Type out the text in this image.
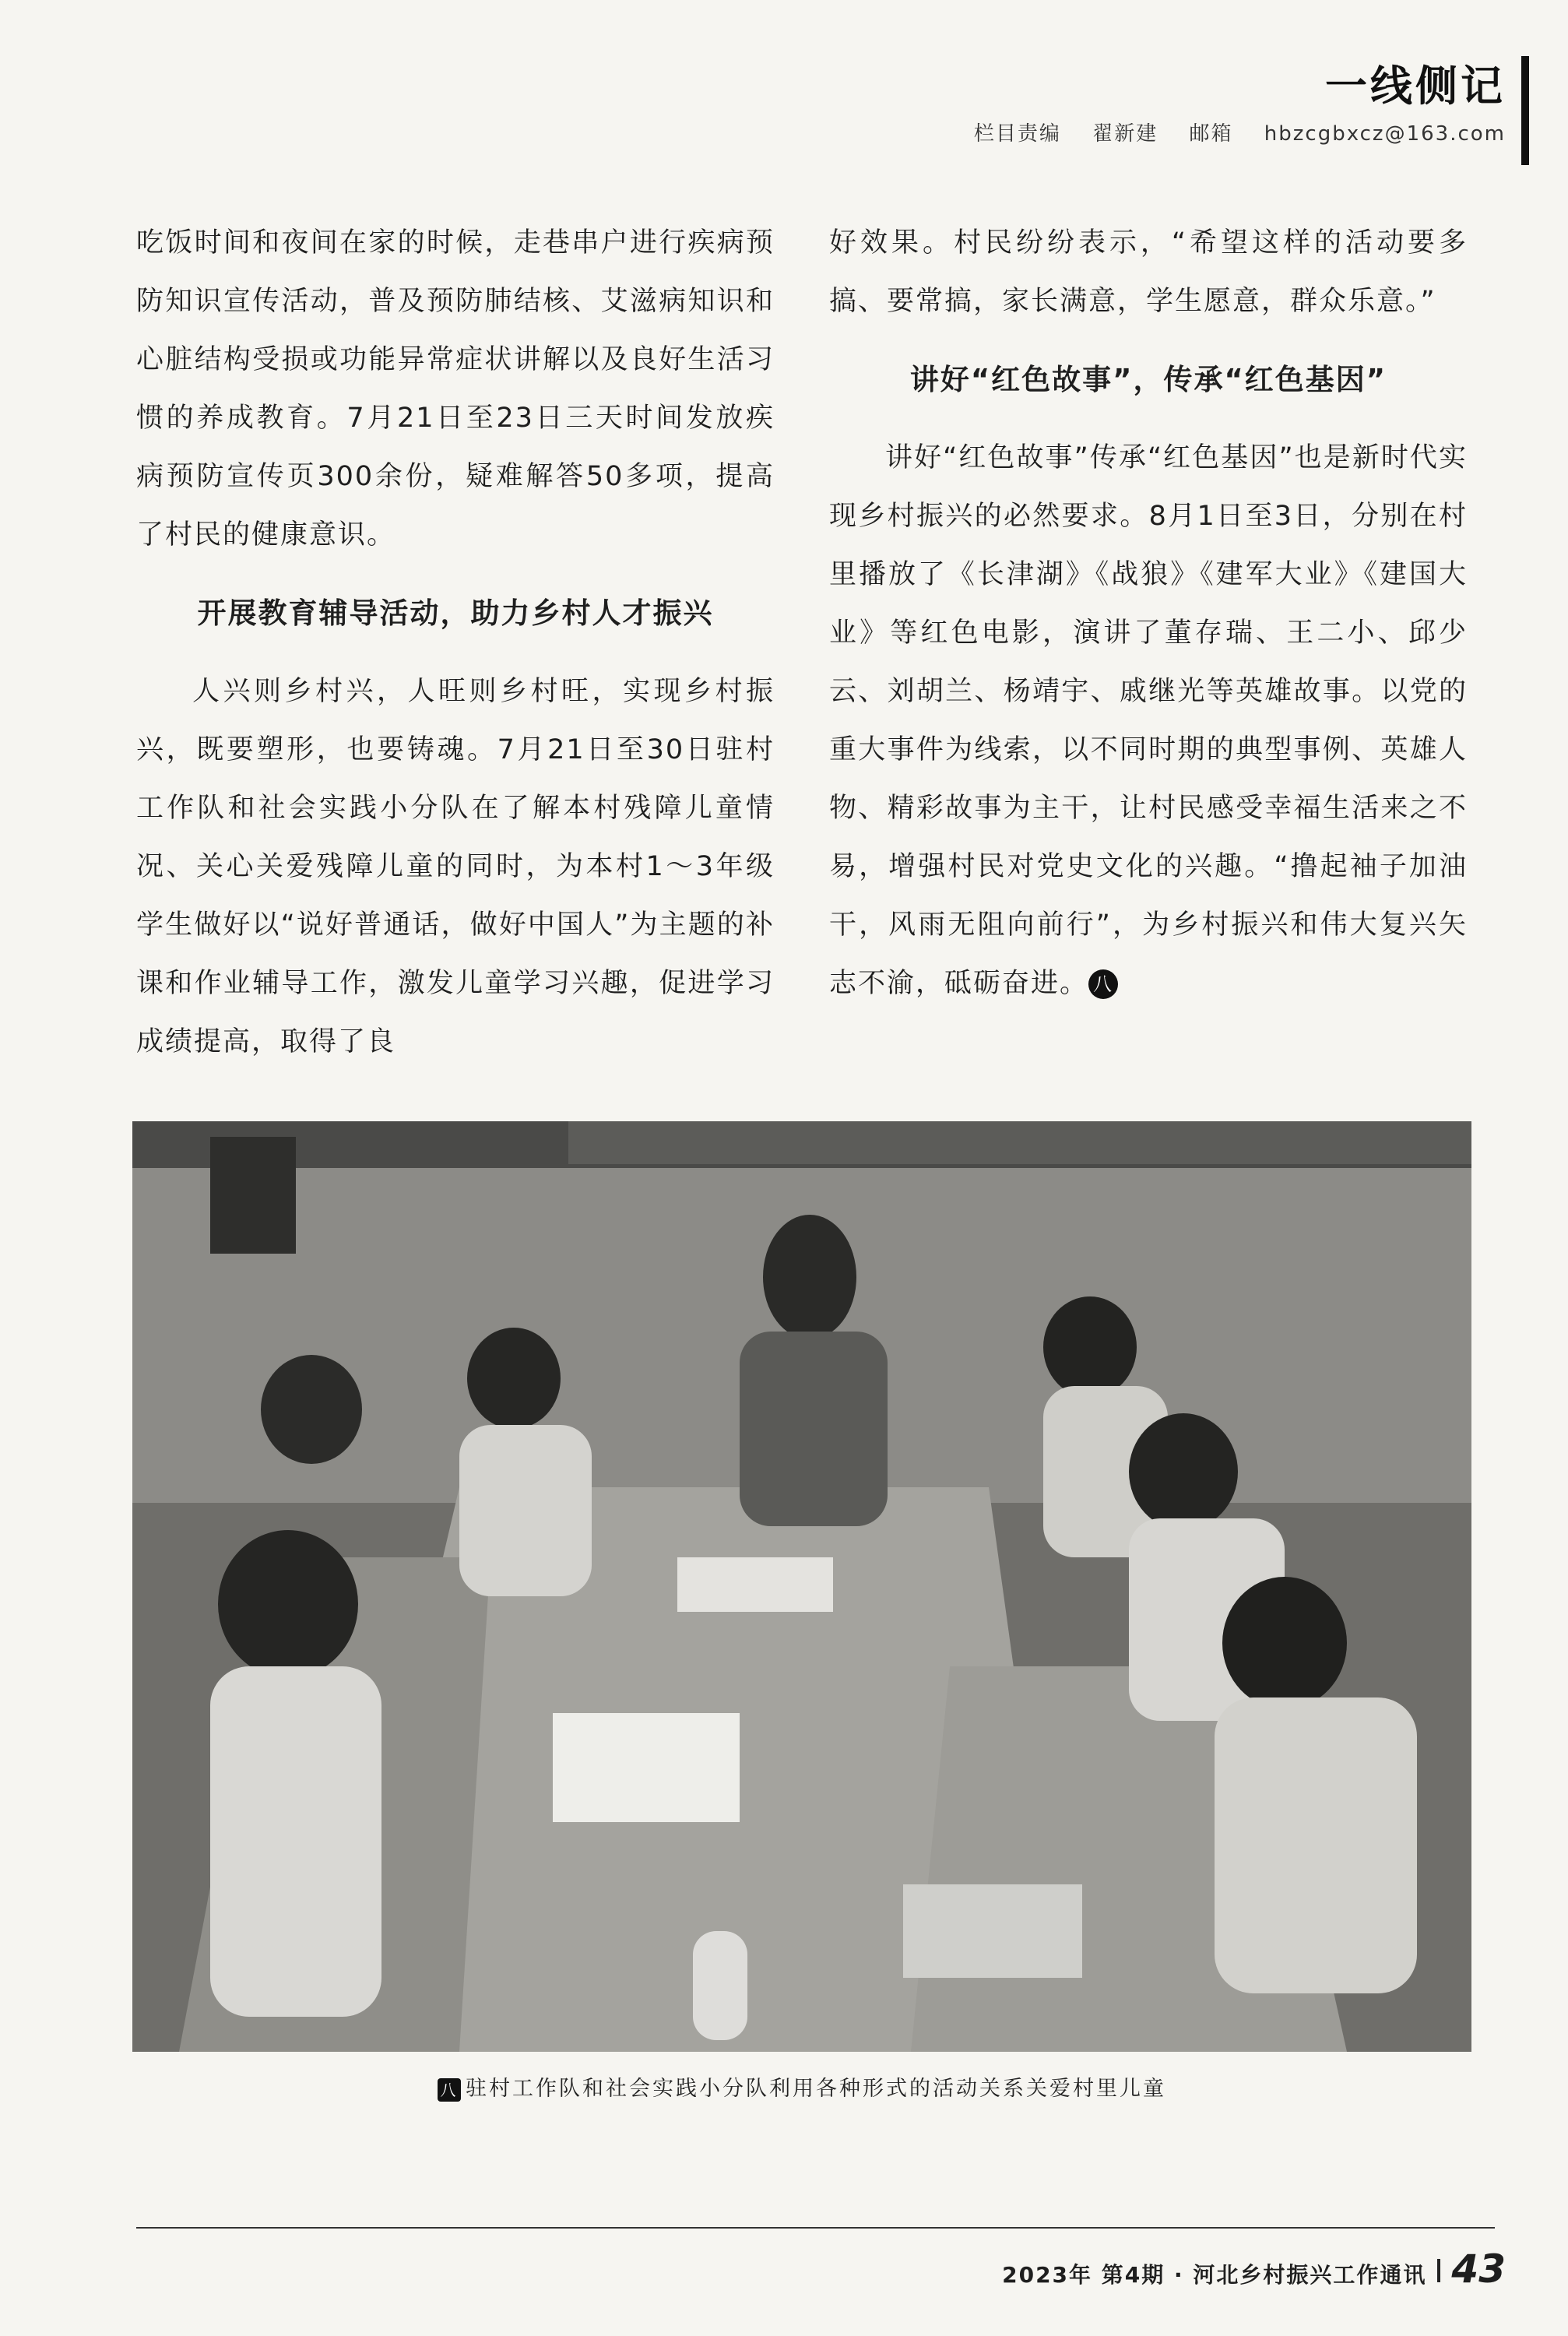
一线侧记
栏目责编 翟新建 邮箱 hbzcgbxcz@163.com

吃饭时间和夜间在家的时候，走巷串户进行疾病预防知识宣传活动，普及预防肺结核、艾滋病知识和心脏结构受损或功能异常症状讲解以及良好生活习惯的养成教育。7月21日至23日三天时间发放疾病预防宣传页300余份，疑难解答50多项，提高了村民的健康意识。

开展教育辅导活动，助力乡村人才振兴

人兴则乡村兴，人旺则乡村旺，实现乡村振兴，既要塑形，也要铸魂。7月21日至30日驻村工作队和社会实践小分队在了解本村残障儿童情况、关心关爱残障儿童的同时，为本村1～3年级学生做好以“说好普通话，做好中国人”为主题的补课和作业辅导工作，激发儿童学习兴趣，促进学习成绩提高，取得了良

好效果。村民纷纷表示，“希望这样的活动要多搞、要常搞，家长满意，学生愿意，群众乐意。”

讲好“红色故事”，传承“红色基因”

讲好“红色故事”传承“红色基因”也是新时代实现乡村振兴的必然要求。8月1日至3日，分别在村里播放了《长津湖》《战狼》《建军大业》《建国大业》等红色电影，演讲了董存瑞、王二小、邱少云、刘胡兰、杨靖宇、戚继光等英雄故事。以党的重大事件为线索，以不同时期的典型事例、英雄人物、精彩故事为主干，让村民感受幸福生活来之不易，增强村民对党史文化的兴趣。“撸起袖子加油干，风雨无阻向前行”，为乡村振兴和伟大复兴矢志不渝，砥砺奋进。 八

八 驻村工作队和社会实践小分队利用各种形式的活动关系关爱村里儿童
2023年 第4期 · 河北乡村振兴工作通讯 43
